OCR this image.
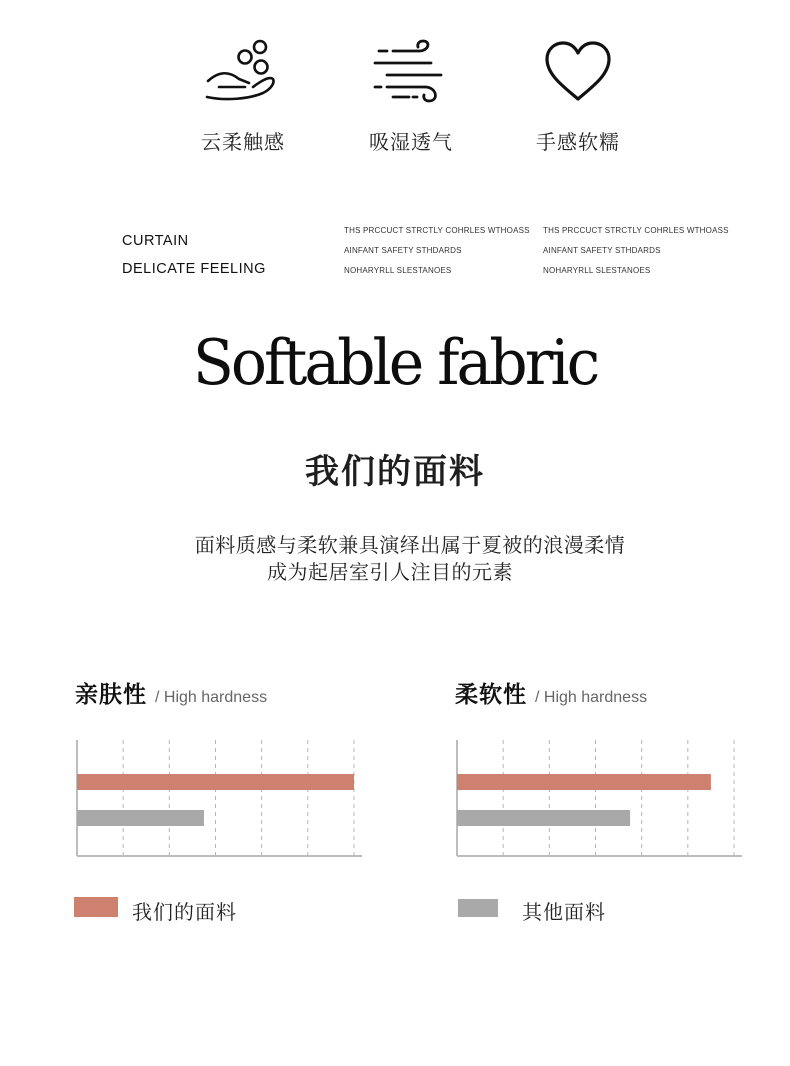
云柔触感	吸湿透气	手感软糯
CURTAIN
DELICATE FEELING
THS PRCCUCT STRCTLY COHRLES WTHOASS
AINFANT SAFETY STHDARDS
NOHARYRLL SLESTANOES
THS PRCCUCT STRCTLY COHRLES WTHOASS
AINFANT SAFETY STHDARDS
NOHARYRLL SLESTANOES
Softable fabric
我们的面料
面料质感与柔软兼具演绎出属于夏被的浪漫柔情
成为起居室引人注目的元素
亲肤性 / High hardness	柔软性 / High hardness
我们的面料	其他面料
